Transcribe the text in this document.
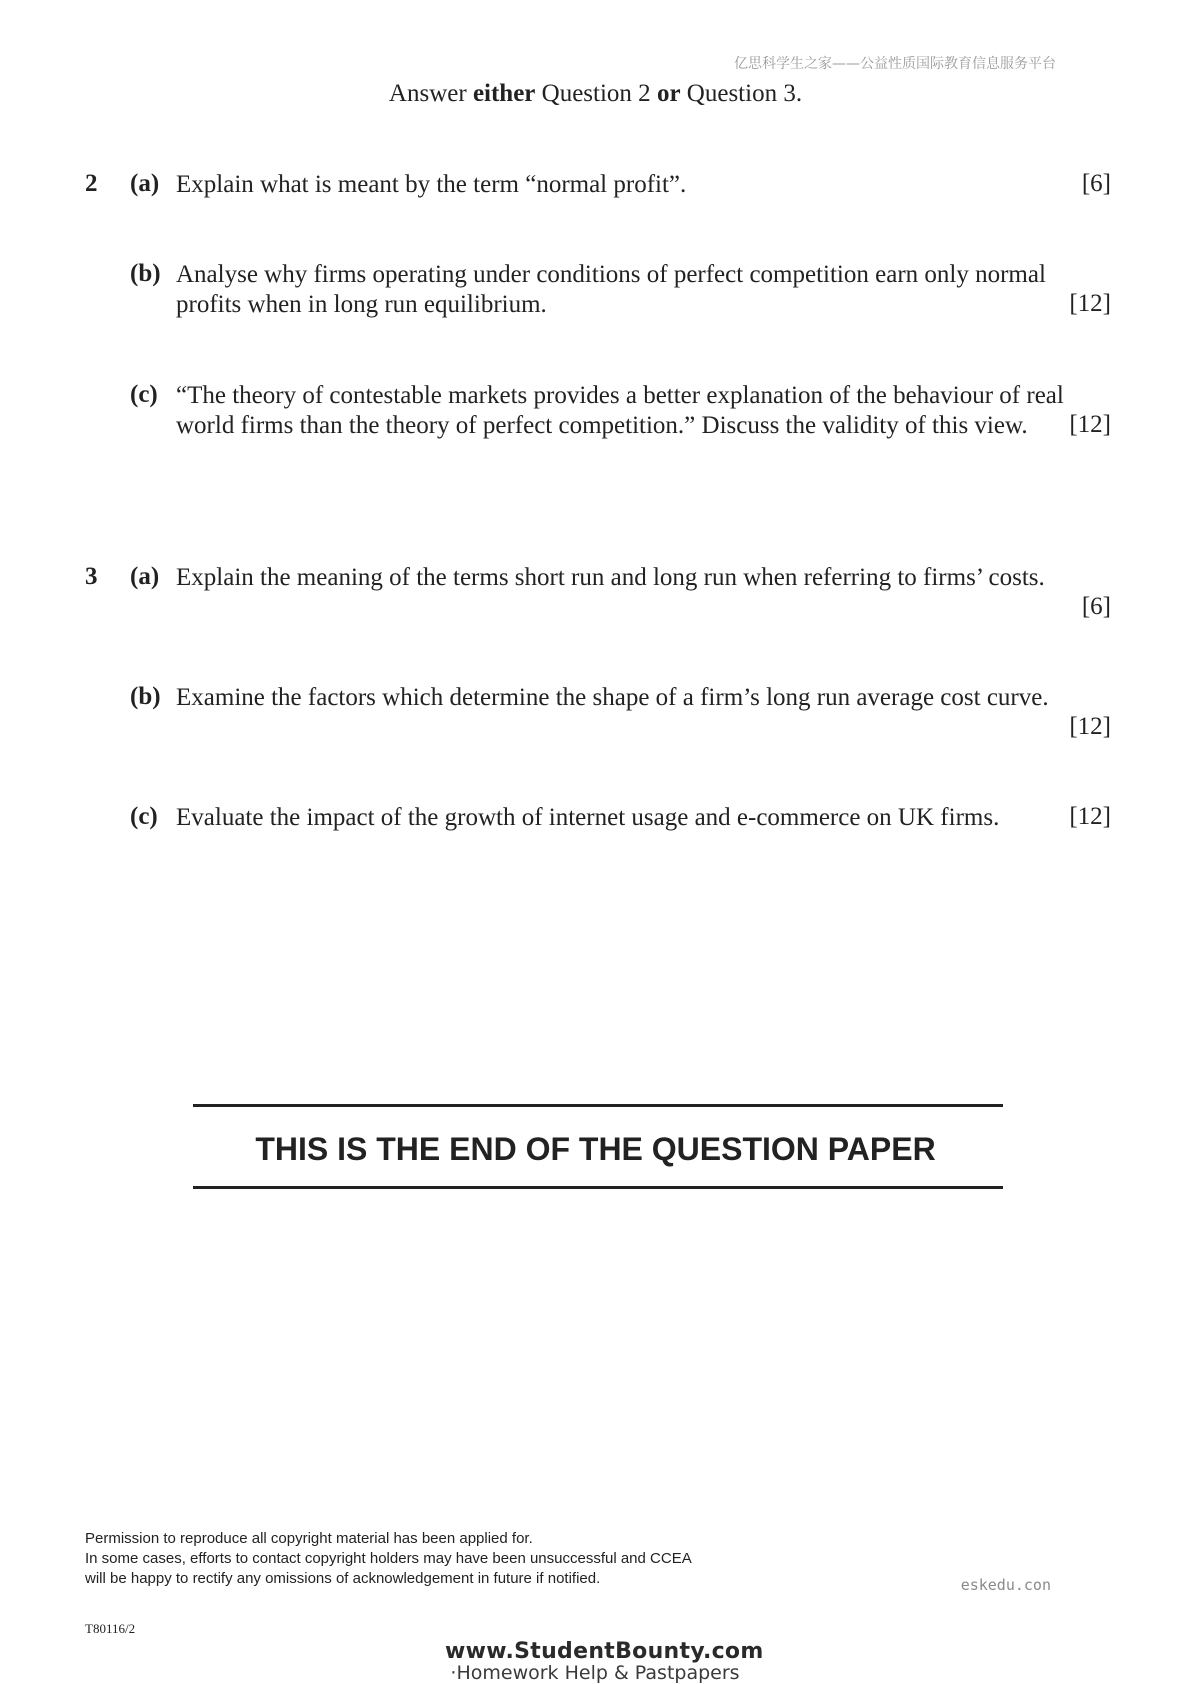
亿思科学生之家——公益性质国际教育信息服务平台
Answer either Question 2 or Question 3.
2 (a) Explain what is meant by the term “normal profit”.	[6]
(b) Analyse why firms operating under conditions of perfect competition earn only normal
profits when in long run equilibrium.	[12]
(c) “The theory of contestable markets provides a better explanation of the behaviour of real
world firms than the theory of perfect competition.” Discuss the validity of this view.	[12]
3 (a) Explain the meaning of the terms short run and long run when referring to firms’ costs.
[6]
(b) Examine the factors which determine the shape of a firm’s long run average cost curve.
[12]
(c) Evaluate the impact of the growth of internet usage and e-commerce on UK firms.	[12]
THIS IS THE END OF THE QUESTION PAPER
Permission to reproduce all copyright material has been applied for.
In some cases, efforts to contact copyright holders may have been unsuccessful and CCEA
will be happy to rectify any omissions of acknowledgement in future if notified.	eskedu.con
T80116/2
www.StudentBounty.com
·Homework Help & Pastpapers
